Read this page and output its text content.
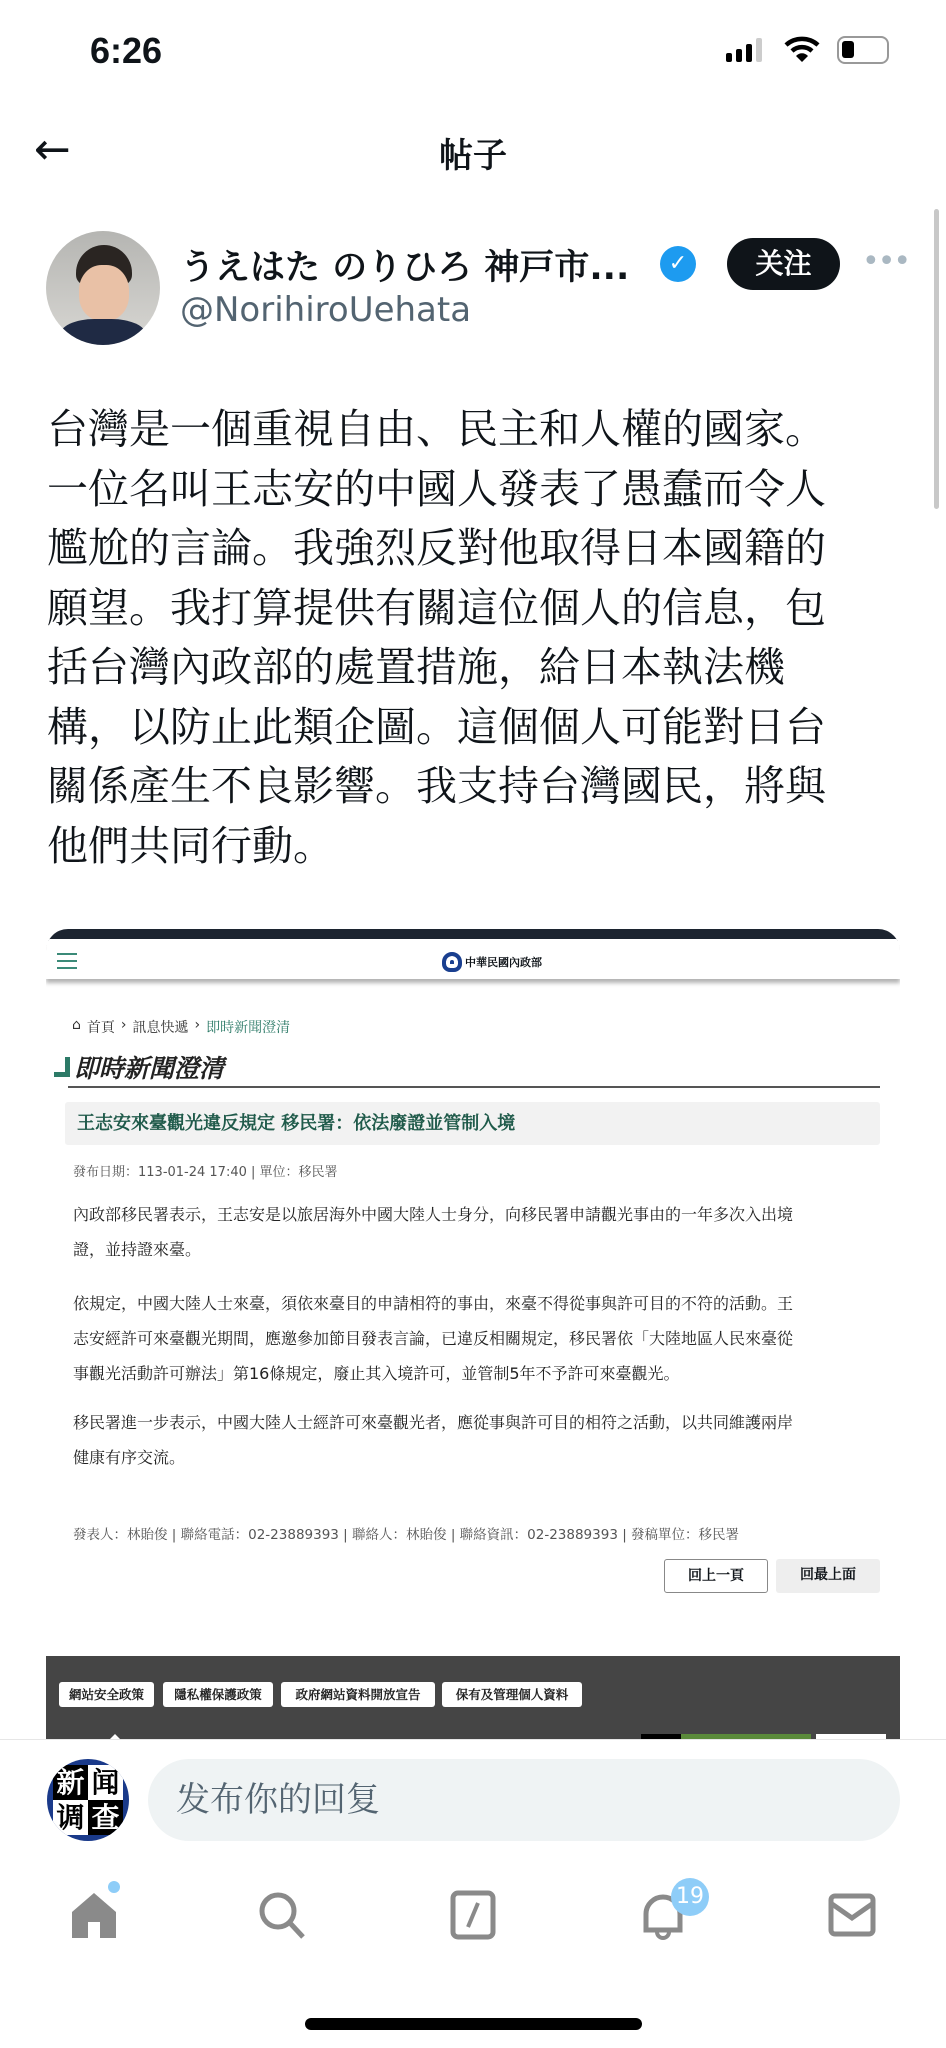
6:26
←	帖子
うえはた のりひろ 神戸市...	✓
@NorihiroUehata
关注	•••
台灣是一個重視自由、民主和人權的國家。
一位名叫王志安的中國人發表了愚蠢而令人
尷尬的言論。我強烈反對他取得日本國籍的
願望。我打算提供有關這位個人的信息，包
括台灣內政部的處置措施，給日本執法機
構，以防止此類企圖。這個個人可能對日台
關係產生不良影響。我支持台灣國民，將與
他們共同行動。
中華民國內政部
⌂ 首頁 › 訊息快遞 › 即時新聞澄清
即時新聞澄清
王志安來臺觀光違反規定 移民署：依法廢證並管制入境
發布日期：113-01-24 17:40 | 單位：移民署
內政部移民署表示，王志安是以旅居海外中國大陸人士身分，向移民署申請觀光事由的一年多次入出境
證，並持證來臺。
依規定，中國大陸人士來臺，須依來臺目的申請相符的事由，來臺不得從事與許可目的不符的活動。王
志安經許可來臺觀光期間，應邀參加節目發表言論，已違反相關規定，移民署依「大陸地區人民來臺從
事觀光活動許可辦法」第16條規定，廢止其入境許可，並管制5年不予許可來臺觀光。
移民署進一步表示，中國大陸人士經許可來臺觀光者，應從事與許可目的相符之活動，以共同維護兩岸
健康有序交流。
發表人：林貽俊 | 聯絡電話：02-23889393 | 聯絡人：林貽俊 | 聯絡資訊：02-23889393 | 發稿單位：移民署
回上一頁	回最上面
網站安全政策	隱私權保護政策	政府網站資料開放宣告	保有及管理個人資料
新 闻
调 查	发布你的回复
19
